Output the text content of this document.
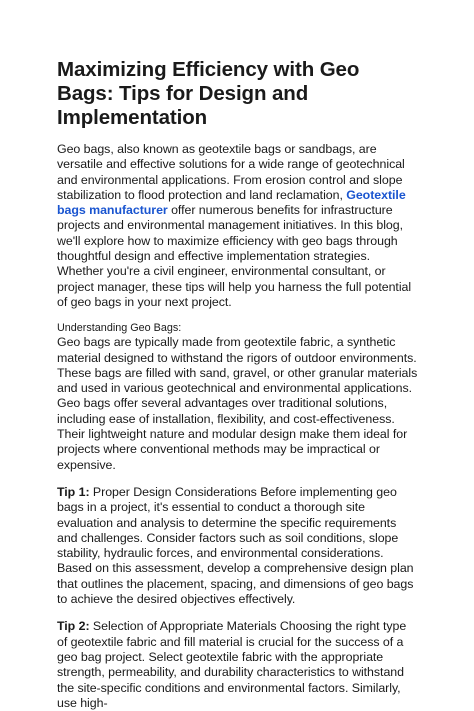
Maximizing Efficiency with Geo Bags: Tips for Design and Implementation

Geo bags, also known as geotextile bags or sandbags, are versatile and effective solutions for a wide range of geotechnical and environmental applications. From erosion control and slope stabilization to flood protection and land reclamation, Geotextile bags manufacturer offer numerous benefits for infrastructure projects and environmental management initiatives. In this blog, we'll explore how to maximize efficiency with geo bags through thoughtful design and effective implementation strategies. Whether you're a civil engineer, environmental consultant, or project manager, these tips will help you harness the full potential of geo bags in your next project.

Understanding Geo Bags:

Geo bags are typically made from geotextile fabric, a synthetic material designed to withstand the rigors of outdoor environments. These bags are filled with sand, gravel, or other granular materials and used in various geotechnical and environmental applications. Geo bags offer several advantages over traditional solutions, including ease of installation, flexibility, and cost-effectiveness. Their lightweight nature and modular design make them ideal for projects where conventional methods may be impractical or expensive.

Tip 1: Proper Design Considerations Before implementing geo bags in a project, it's essential to conduct a thorough site evaluation and analysis to determine the specific requirements and challenges. Consider factors such as soil conditions, slope stability, hydraulic forces, and environmental considerations. Based on this assessment, develop a comprehensive design plan that outlines the placement, spacing, and dimensions of geo bags to achieve the desired objectives effectively.

Tip 2: Selection of Appropriate Materials Choosing the right type of geotextile fabric and fill material is crucial for the success of a geo bag project. Select geotextile fabric with the appropriate strength, permeability, and durability characteristics to withstand the site-specific conditions and environmental factors. Similarly, use high-
